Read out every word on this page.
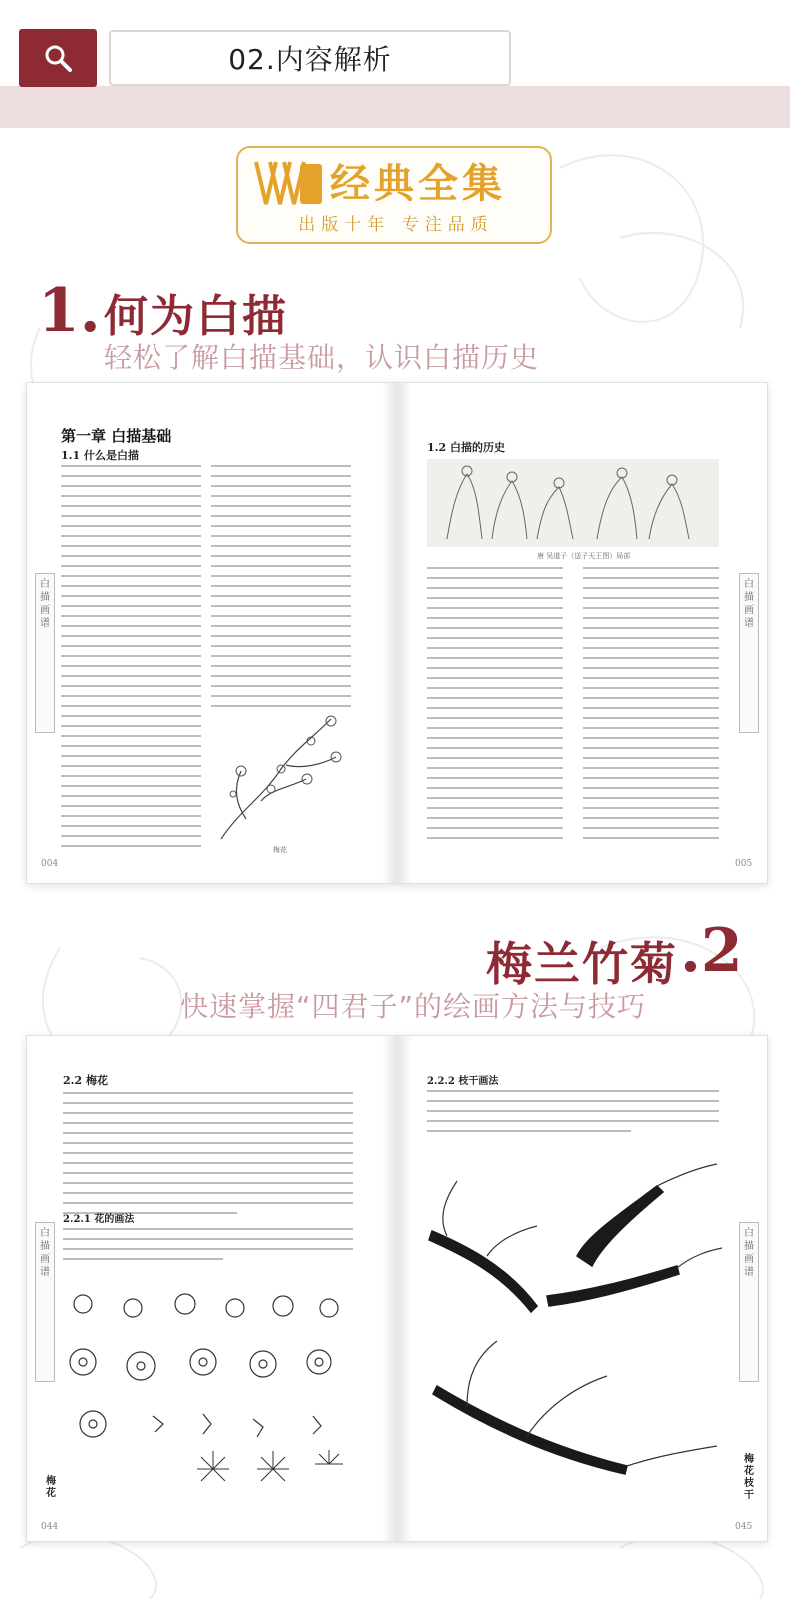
02.内容解析
经典全集
出版十年 专注品质
1. 何为白描
轻松了解白描基础，认识白描历史
第一章 白描基础
1.1 什么是白描
梅花
1.2 白描的历史
唐 吴道子（送子天王图）局部
白描画谱
白描画谱
004	005
梅兰竹菊 .2
快速掌握“四君子”的绘画方法与技巧
2.2 梅花
2.2.1 花的画法
2.2.2 枝干画法
白描画谱
白描画谱
梅花
梅花枝干
044	045
